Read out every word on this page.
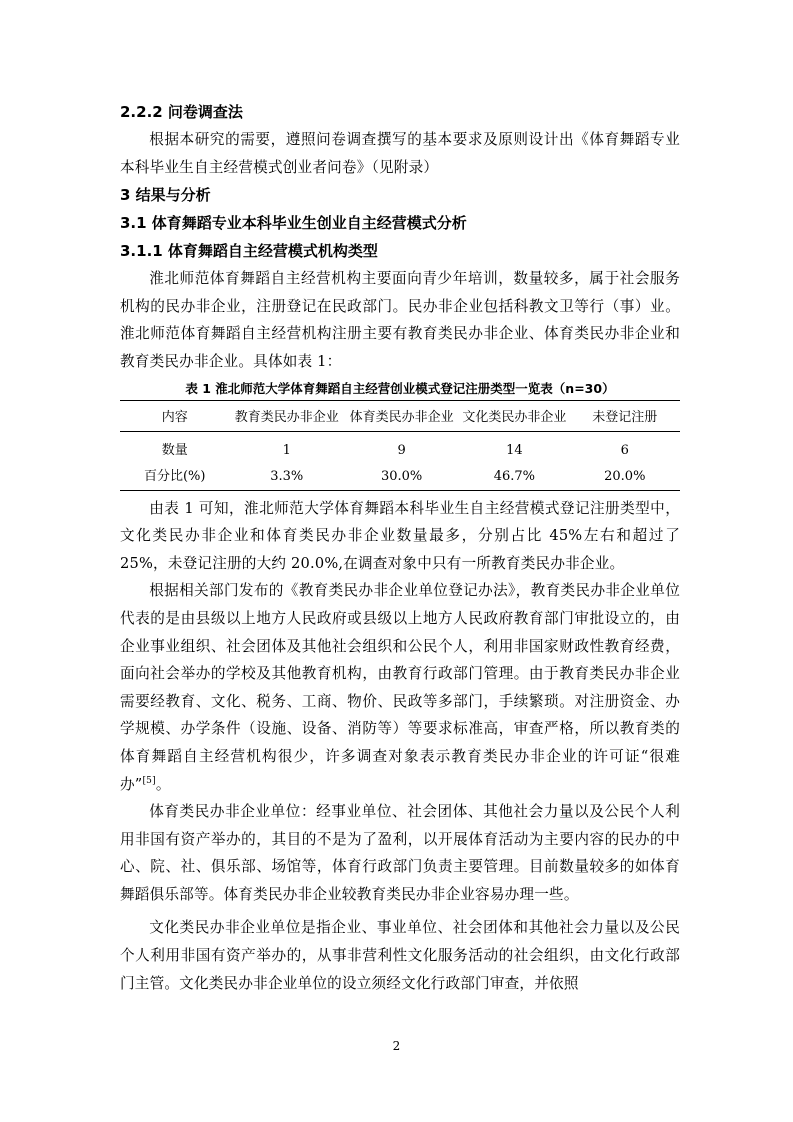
2.2.2 问卷调查法

根据本研究的需要，遵照问卷调查撰写的基本要求及原则设计出《体育舞蹈专业本科毕业生自主经营模式创业者问卷》（见附录）

3 结果与分析
3.1 体育舞蹈专业本科毕业生创业自主经营模式分析
3.1.1 体育舞蹈自主经营模式机构类型

淮北师范体育舞蹈自主经营机构主要面向青少年培训，数量较多，属于社会服务机构的民办非企业，注册登记在民政部门。民办非企业包括科教文卫等行（事）业。淮北师范体育舞蹈自主经营机构注册主要有教育类民办非企业、体育类民办非企业和教育类民办非企业。具体如表 1：

表 1 淮北师范大学体育舞蹈自主经营创业模式登记注册类型一览表（n=30）

内容	教育类民办非企业	体育类民办非企业	文化类民办非企业	未登记注册
数量	1	9	14	6
百分比(%)	3.3%	30.0%	46.7%	20.0%

由表 1 可知，淮北师范大学体育舞蹈本科毕业生自主经营模式登记注册类型中，文化类民办非企业和体育类民办非企业数量最多，分别占比 45%左右和超过了 25%，未登记注册的大约 20.0%,在调查对象中只有一所教育类民办非企业。

根据相关部门发布的《教育类民办非企业单位登记办法》，教育类民办非企业单位代表的是由县级以上地方人民政府或县级以上地方人民政府教育部门审批设立的，由企业事业组织、社会团体及其他社会组织和公民个人，利用非国家财政性教育经费，面向社会举办的学校及其他教育机构，由教育行政部门管理。由于教育类民办非企业需要经教育、文化、税务、工商、物价、民政等多部门，手续繁琐。对注册资金、办学规模、办学条件（设施、设备、消防等）等要求标准高，审查严格，所以教育类的体育舞蹈自主经营机构很少，许多调查对象表示教育类民办非企业的许可证“很难办”[5]。

体育类民办非企业单位：经事业单位、社会团体、其他社会力量以及公民个人利用非国有资产举办的，其目的不是为了盈利，以开展体育活动为主要内容的民办的中心、院、社、俱乐部、场馆等，体育行政部门负责主要管理。目前数量较多的如体育舞蹈俱乐部等。体育类民办非企业较教育类民办非企业容易办理一些。

文化类民办非企业单位是指企业、事业单位、社会团体和其他社会力量以及公民个人利用非国有资产举办的，从事非营利性文化服务活动的社会组织，由文化行政部门主管。文化类民办非企业单位的设立须经文化行政部门审查，并依照

2
